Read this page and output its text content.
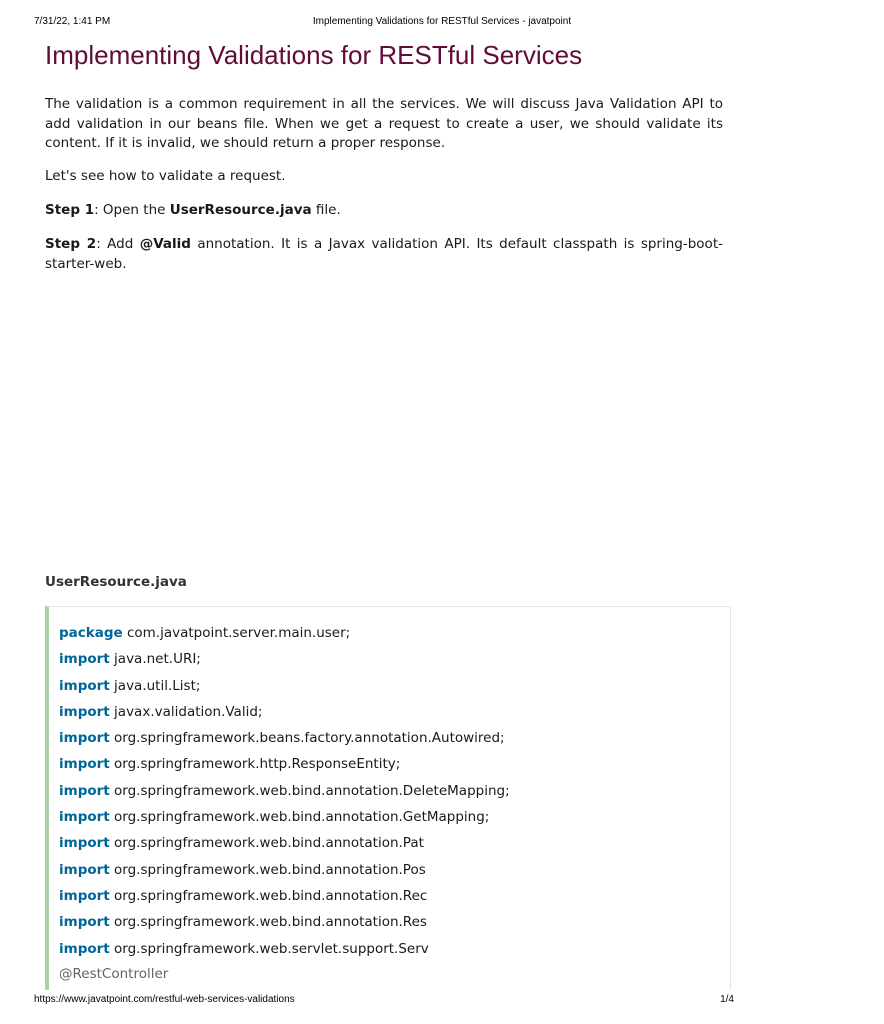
7/31/22, 1:41 PM	Implementing Validations for RESTful Services - javatpoint
Implementing Validations for RESTful Services

The validation is a common requirement in all the services. We will discuss Java Validation API to add validation in our beans file. When we get a request to create a user, we should validate its content. If it is invalid, we should return a proper response.

Let's see how to validate a request.

Step 1: Open the UserResource.java file.

Step 2: Add @Valid annotation. It is a Javax validation API. Its default classpath is spring-boot-starter-web.

UserResource.java
package com.javatpoint.server.main.user;
import java.net.URI;
import java.util.List;
import javax.validation.Valid;
import org.springframework.beans.factory.annotation.Autowired;
import org.springframework.http.ResponseEntity;
import org.springframework.web.bind.annotation.DeleteMapping;
import org.springframework.web.bind.annotation.GetMapping;
import org.springframework.web.bind.annotation.Pat
import org.springframework.web.bind.annotation.Pos
import org.springframework.web.bind.annotation.Rec
import org.springframework.web.bind.annotation.Res
import org.springframework.web.servlet.support.Serv
@RestController
https://www.javatpoint.com/restful-web-services-validations	1/4
